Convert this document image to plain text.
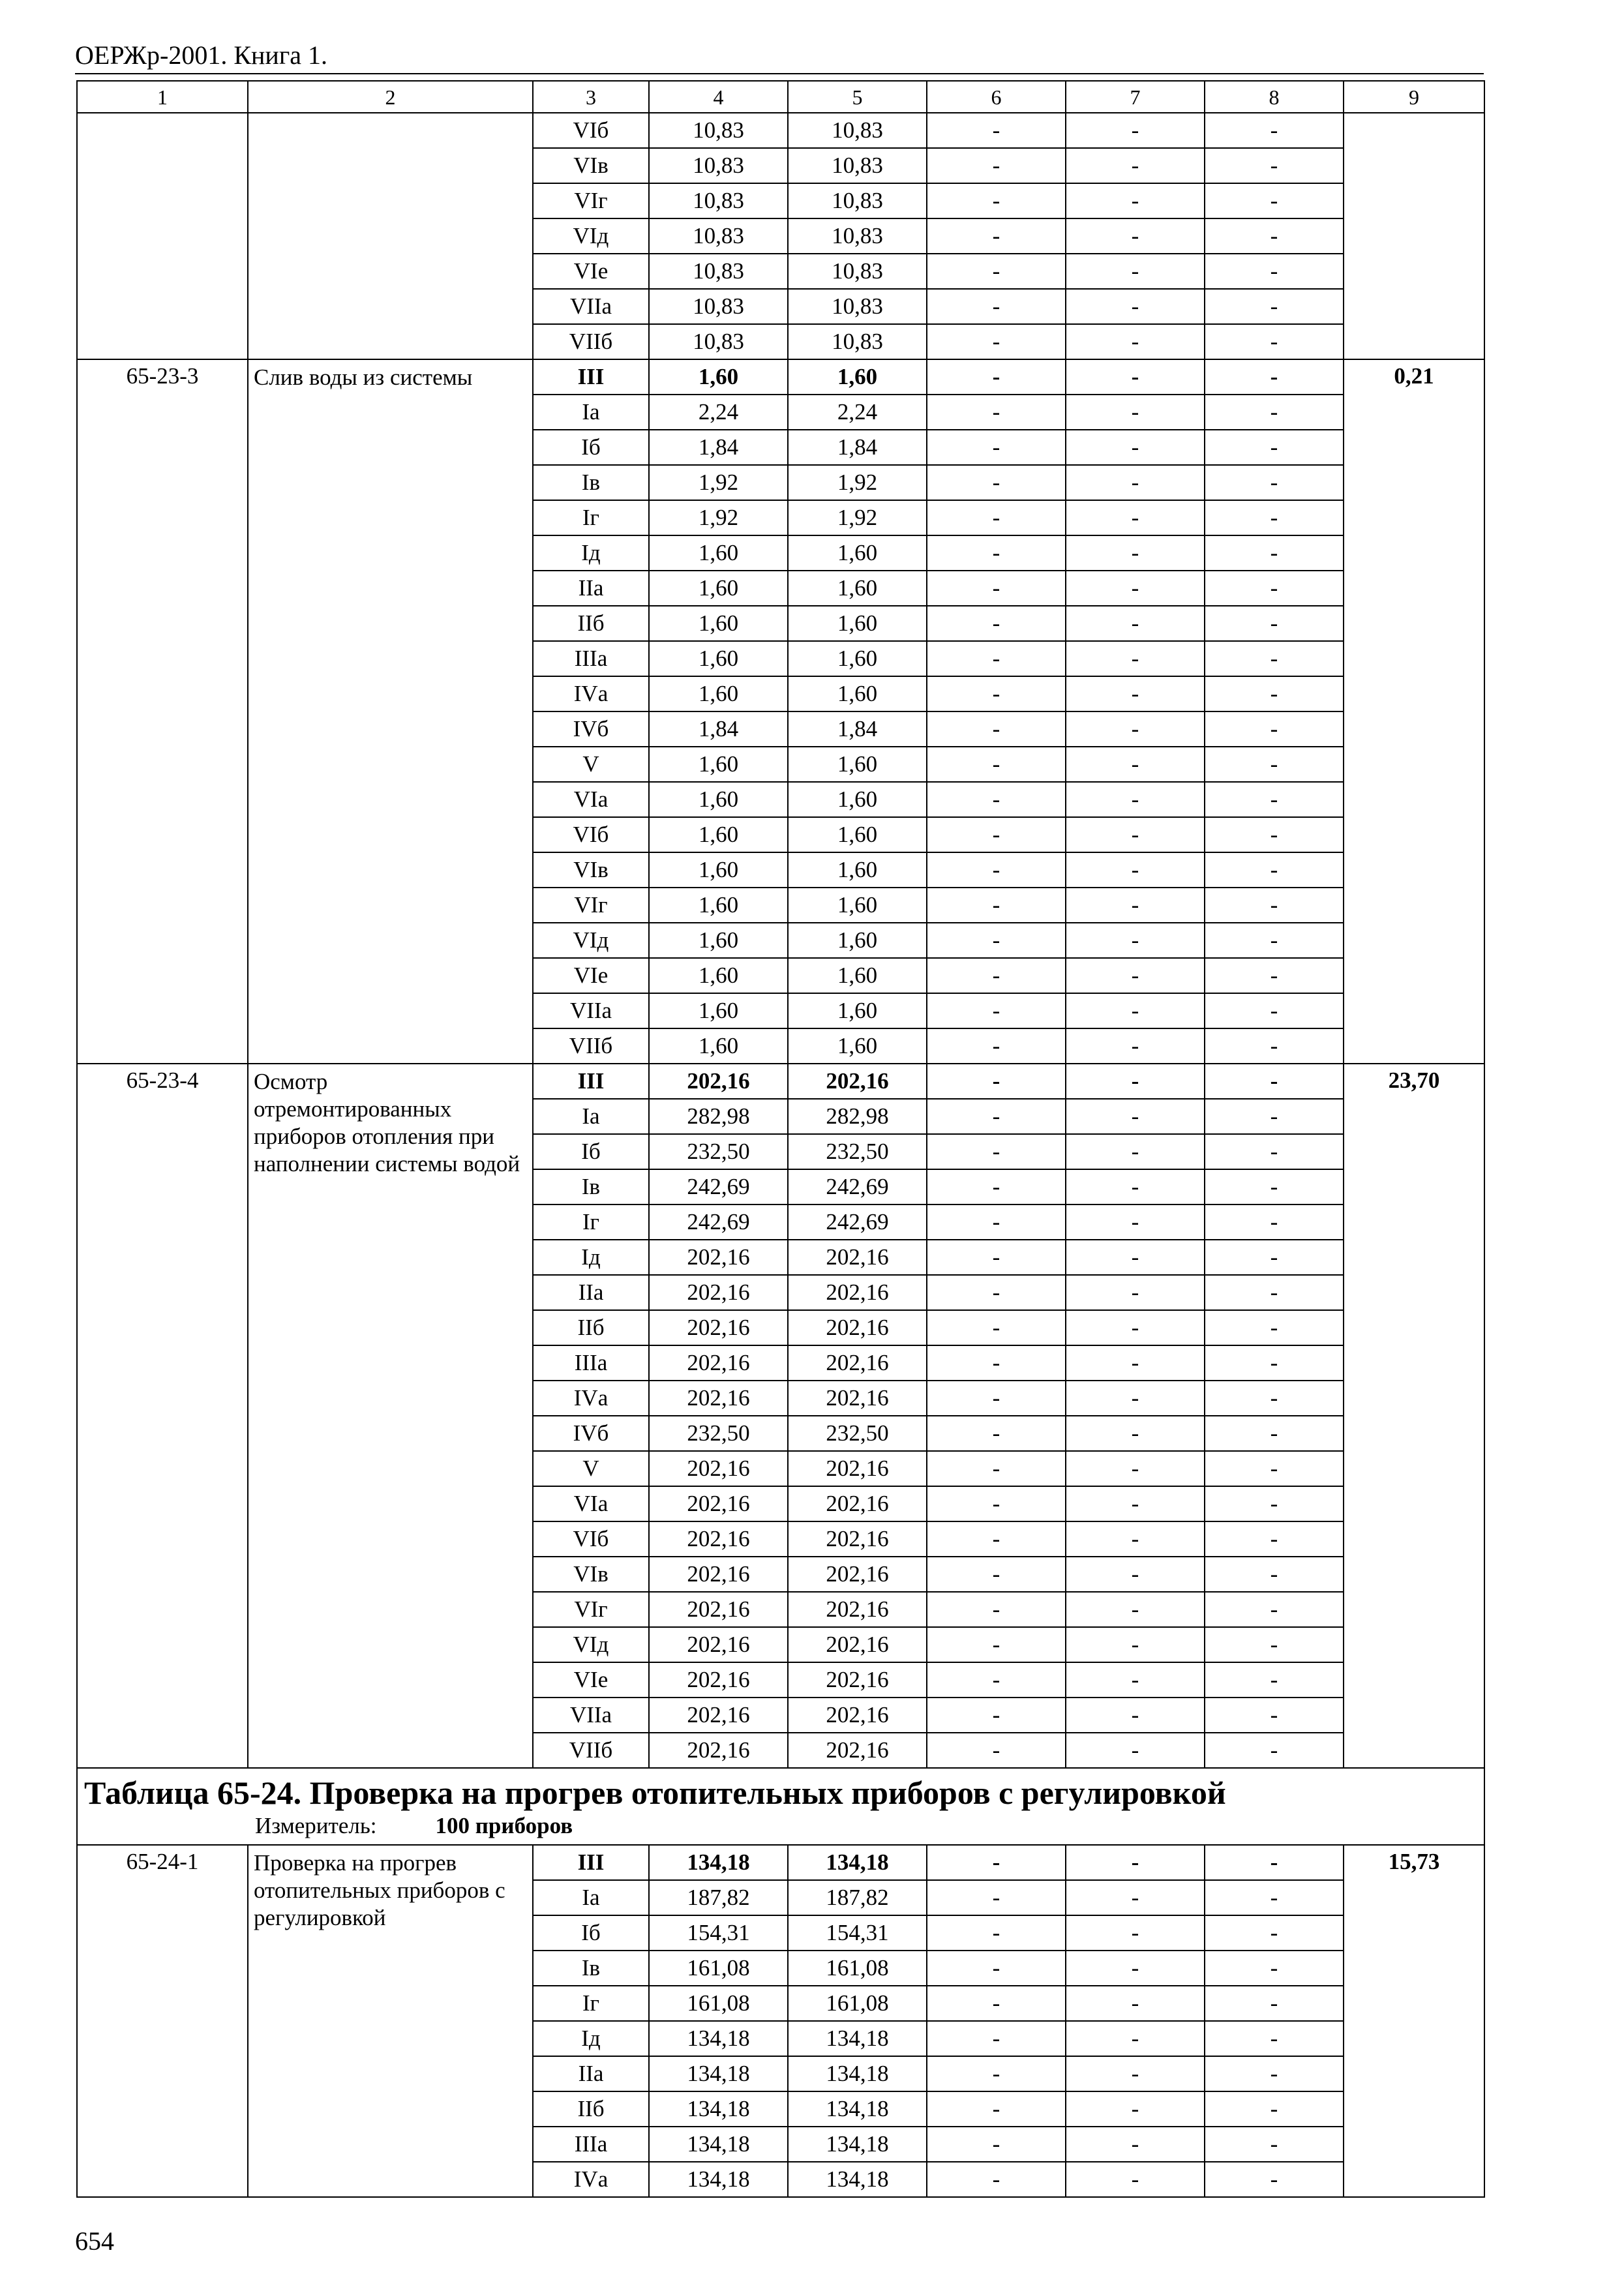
ОЕРЖр-2001. Книга 1.
1	2	3	4	5	6	7	8	9
		VIб	10,83	10,83	-	-	-	
		VIв	10,83	10,83	-	-	-	
		VIг	10,83	10,83	-	-	-	
		VIд	10,83	10,83	-	-	-	
		VIе	10,83	10,83	-	-	-	
		VIIа	10,83	10,83	-	-	-	
		VIIб	10,83	10,83	-	-	-	
65-23-3	Слив воды из системы	III	1,60	1,60	-	-	-	0,21
		Iа	2,24	2,24	-	-	-	
		Iб	1,84	1,84	-	-	-	
		Iв	1,92	1,92	-	-	-	
		Iг	1,92	1,92	-	-	-	
		Iд	1,60	1,60	-	-	-	
		IIа	1,60	1,60	-	-	-	
		IIб	1,60	1,60	-	-	-	
		IIIа	1,60	1,60	-	-	-	
		IVа	1,60	1,60	-	-	-	
		IVб	1,84	1,84	-	-	-	
		V	1,60	1,60	-	-	-	
		VIа	1,60	1,60	-	-	-	
		VIб	1,60	1,60	-	-	-	
		VIв	1,60	1,60	-	-	-	
		VIг	1,60	1,60	-	-	-	
		VIд	1,60	1,60	-	-	-	
		VIе	1,60	1,60	-	-	-	
		VIIа	1,60	1,60	-	-	-	
		VIIб	1,60	1,60	-	-	-	
65-23-4	Осмотр отремонтированных приборов отопления при наполнении системы водой	III	202,16	202,16	-	-	-	23,70
		Iа	282,98	282,98	-	-	-	
		Iб	232,50	232,50	-	-	-	
		Iв	242,69	242,69	-	-	-	
		Iг	242,69	242,69	-	-	-	
		Iд	202,16	202,16	-	-	-	
		IIа	202,16	202,16	-	-	-	
		IIб	202,16	202,16	-	-	-	
		IIIа	202,16	202,16	-	-	-	
		IVа	202,16	202,16	-	-	-	
		IVб	232,50	232,50	-	-	-	
		V	202,16	202,16	-	-	-	
		VIа	202,16	202,16	-	-	-	
		VIб	202,16	202,16	-	-	-	
		VIв	202,16	202,16	-	-	-	
		VIг	202,16	202,16	-	-	-	
		VIд	202,16	202,16	-	-	-	
		VIе	202,16	202,16	-	-	-	
		VIIа	202,16	202,16	-	-	-	
		VIIб	202,16	202,16	-	-	-	

Таблица 65-24. Проверка на прогрев отопительных приборов с регулировкой
Измеритель: 100 приборов								

65-24-1	Проверка на прогрев отопительных приборов с регулировкой	III	134,18	134,18	-	-	-	15,73
		Iа	187,82	187,82	-	-	-	
		Iб	154,31	154,31	-	-	-	
		Iв	161,08	161,08	-	-	-	
		Iг	161,08	161,08	-	-	-	
		Iд	134,18	134,18	-	-	-	
		IIа	134,18	134,18	-	-	-	
		IIб	134,18	134,18	-	-	-	
		IIIа	134,18	134,18	-	-	-	
		IVа	134,18	134,18	-	-	-	
654
